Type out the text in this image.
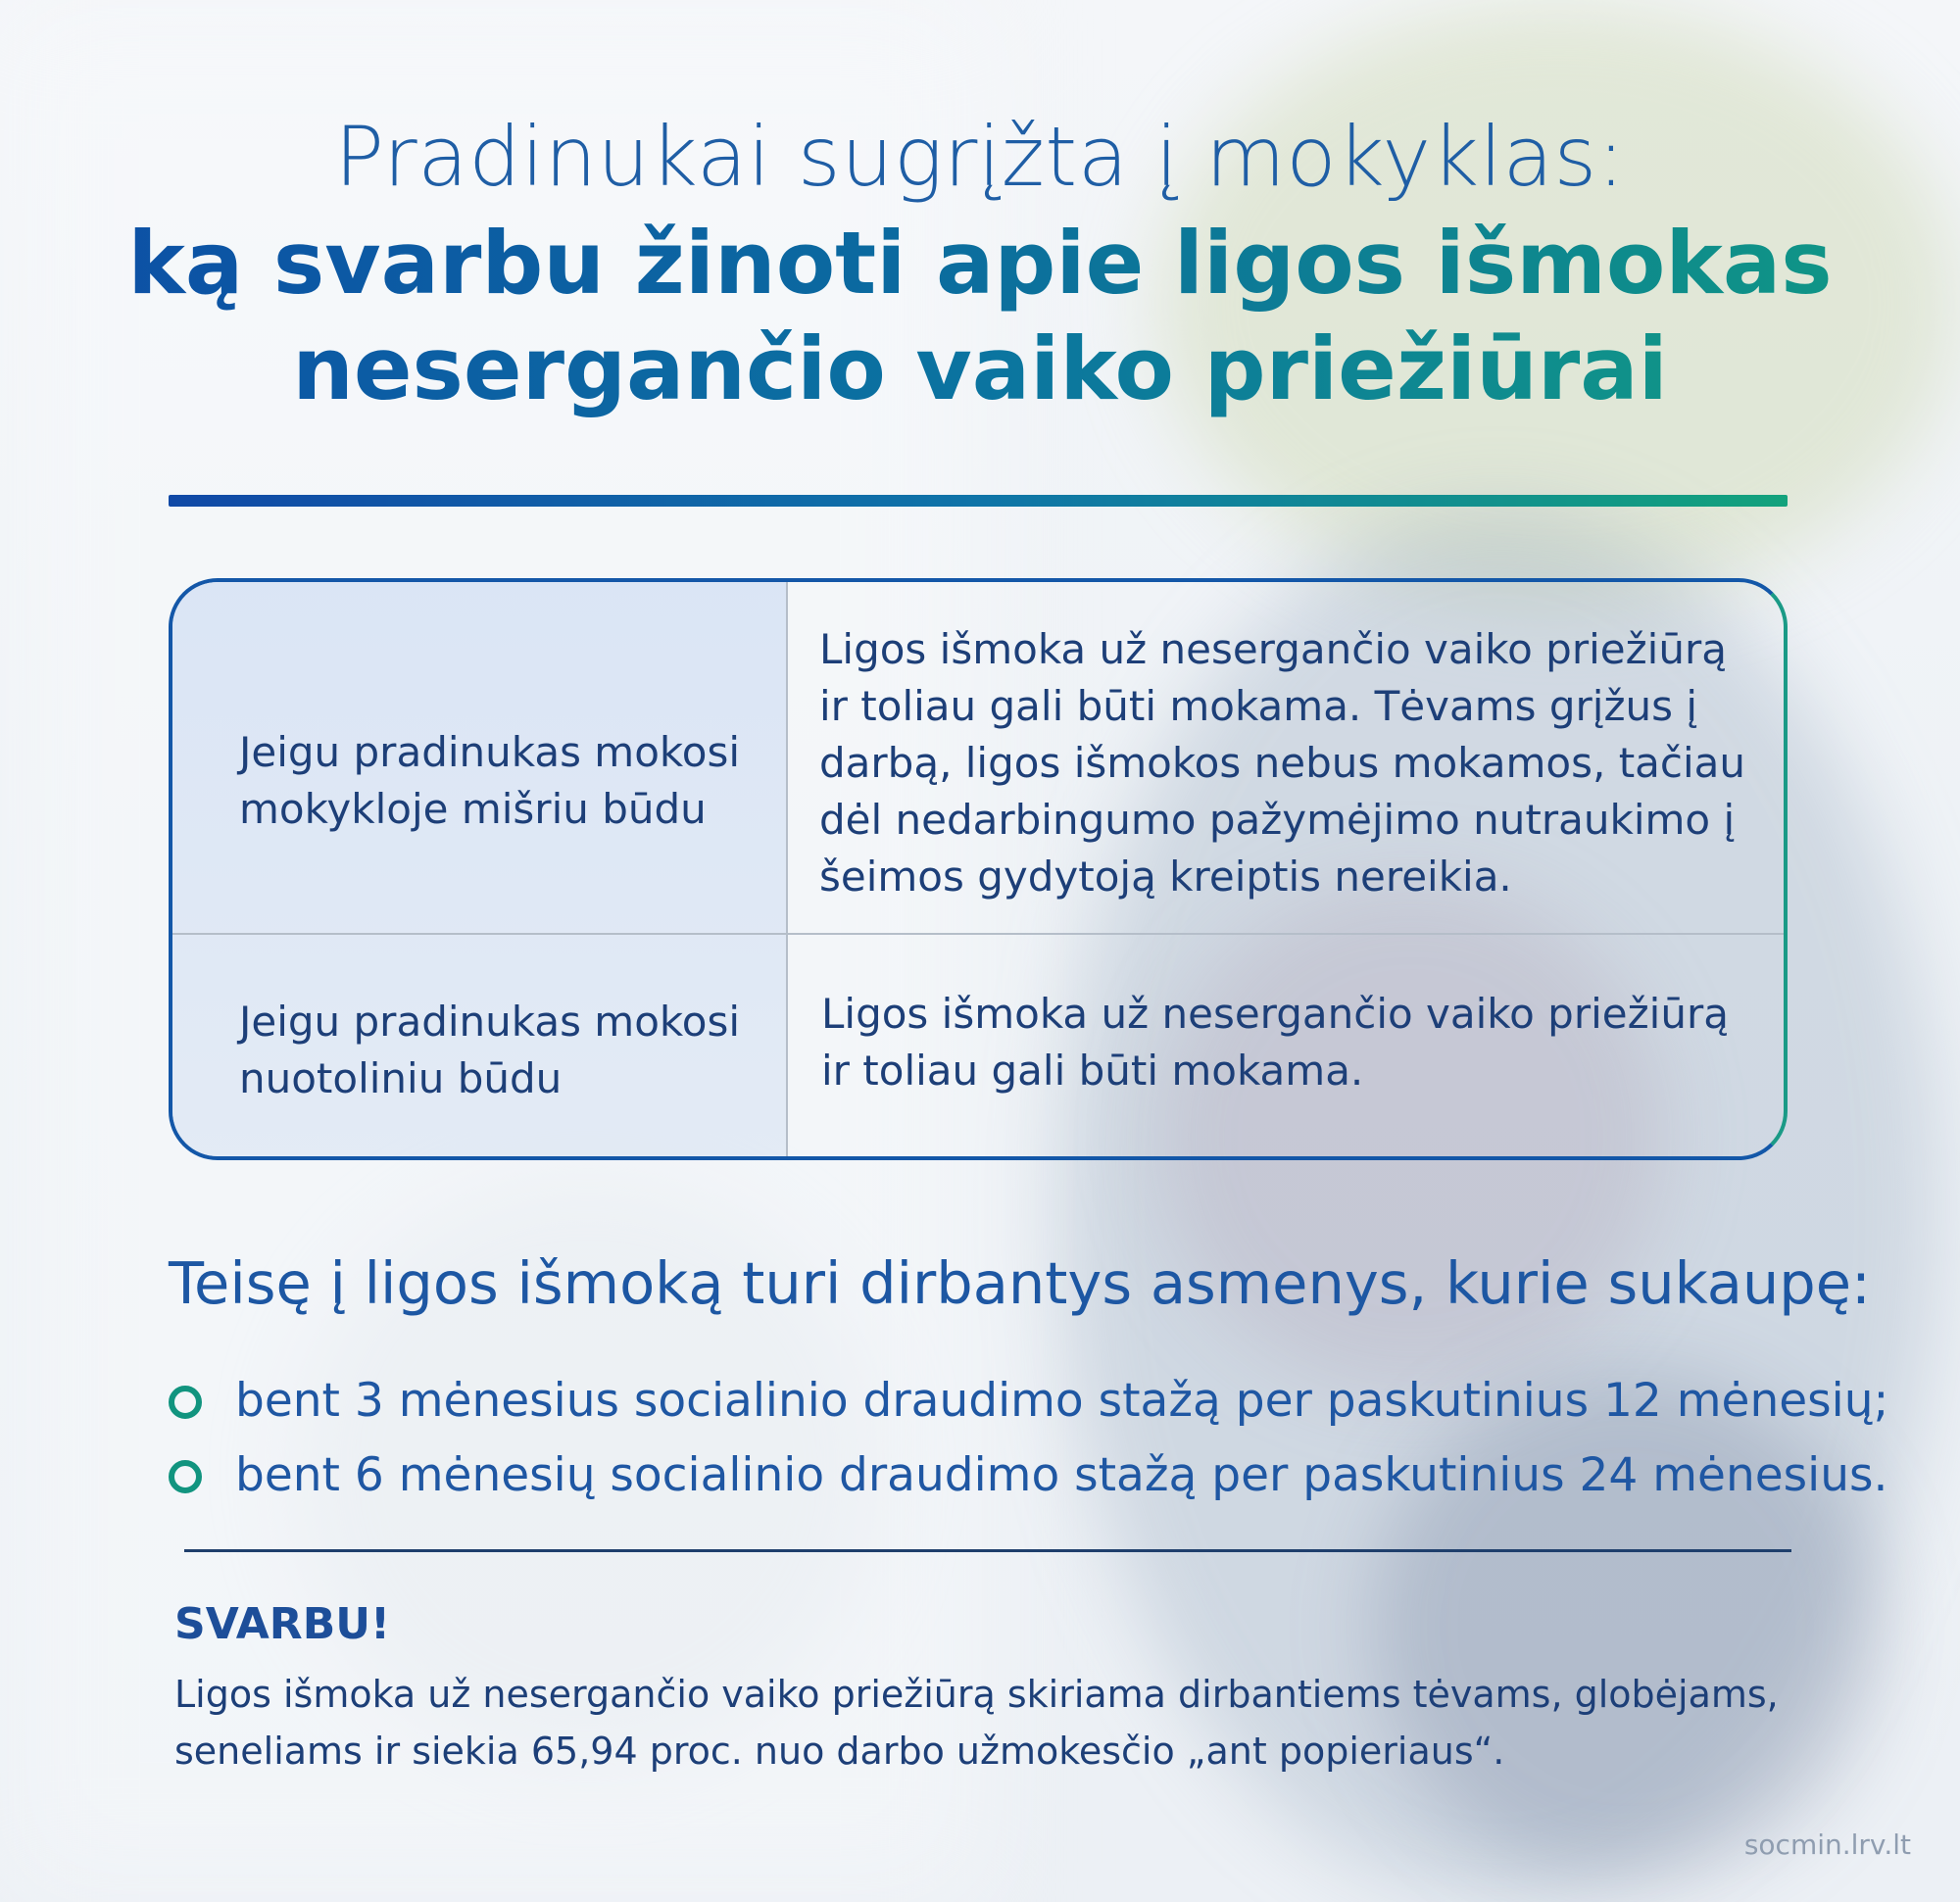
Pradinukai sugrįžta į mokyklas:
ką svarbu žinoti apie ligos išmokas
nesergančio vaiko priežiūrai
Jeigu pradinukas mokosi mokykloje mišriu būdu
Ligos išmoka už nesergančio vaiko priežiūrą ir toliau gali būti mokama. Tėvams grįžus į darbą, ligos išmokos nebus mokamos, tačiau dėl nedarbingumo pažymėjimo nutraukimo į šeimos gydytoją kreiptis nereikia.
Jeigu pradinukas mokosi nuotoliniu būdu
Ligos išmoka už nesergančio vaiko priežiūrą ir toliau gali būti mokama.
Teisę į ligos išmoką turi dirbantys asmenys, kurie sukaupę:
bent 3 mėnesius socialinio draudimo stažą per paskutinius 12 mėnesių;
bent 6 mėnesių socialinio draudimo stažą per paskutinius 24 mėnesius.
SVARBU!
Ligos išmoka už nesergančio vaiko priežiūrą skiriama dirbantiems tėvams, globėjams, seneliams ir siekia 65,94 proc. nuo darbo užmokesčio „ant popieriaus“.
socmin.lrv.lt
